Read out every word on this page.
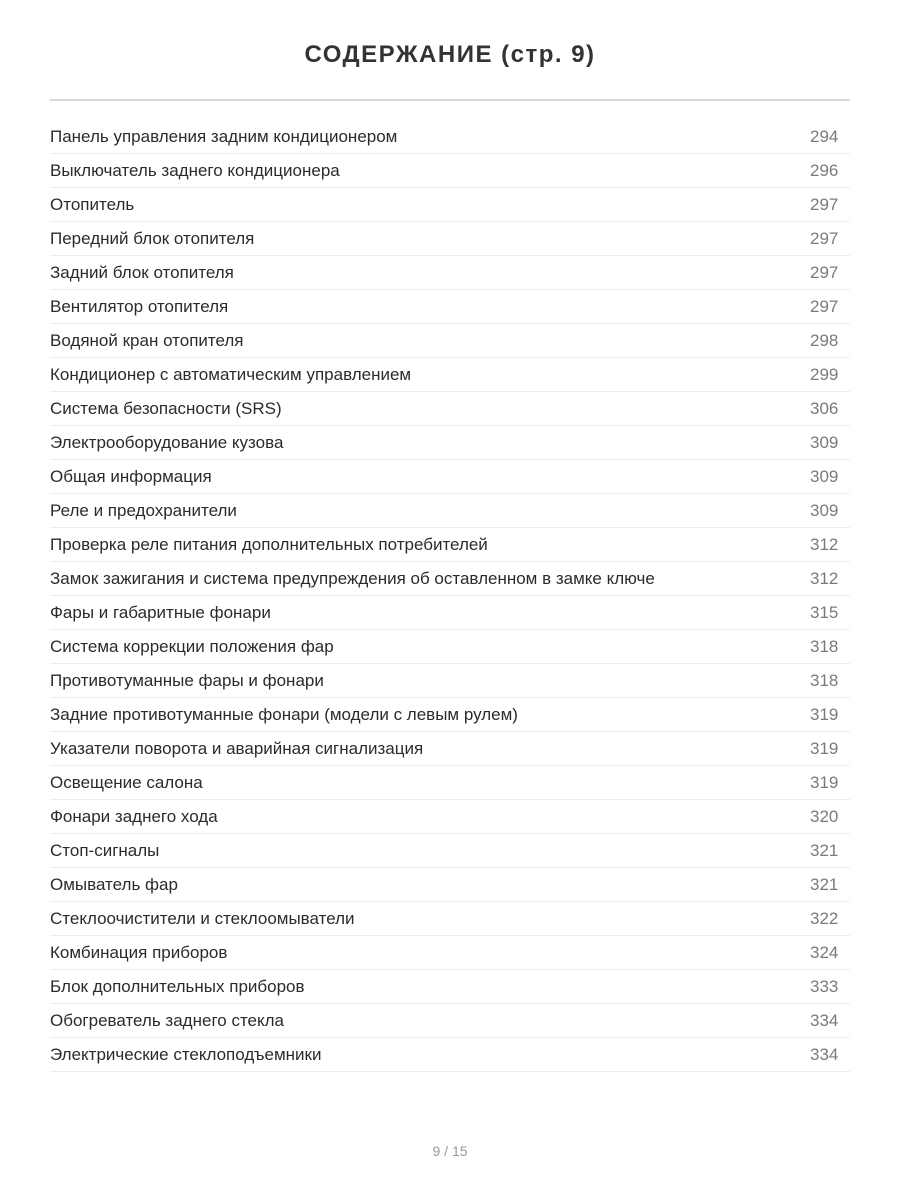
СОДЕРЖАНИЕ (стр. 9)
Панель управления задним кондиционером	294
Выключатель заднего кондиционера	296
Отопитель	297
Передний блок отопителя	297
Задний блок отопителя	297
Вентилятор отопителя	297
Водяной кран отопителя	298
Кондиционер с автоматическим управлением	299
Система безопасности (SRS)	306
Электрооборудование кузова	309
Общая информация	309
Реле и предохранители	309
Проверка реле питания дополнительных потребителей	312
Замок зажигания и система предупреждения об оставленном в замке ключе	312
Фары и габаритные фонари	315
Система коррекции положения фар	318
Противотуманные фары и фонари	318
Задние противотуманные фонари (модели с левым рулем)	319
Указатели поворота и аварийная сигнализация	319
Освещение салона	319
Фонари заднего хода	320
Стоп-сигналы	321
Омыватель фар	321
Стеклоочистители и стеклоомыватели	322
Комбинация приборов	324
Блок дополнительных приборов	333
Обогреватель заднего стекла	334
Электрические стеклоподъемники	334
9 / 15
